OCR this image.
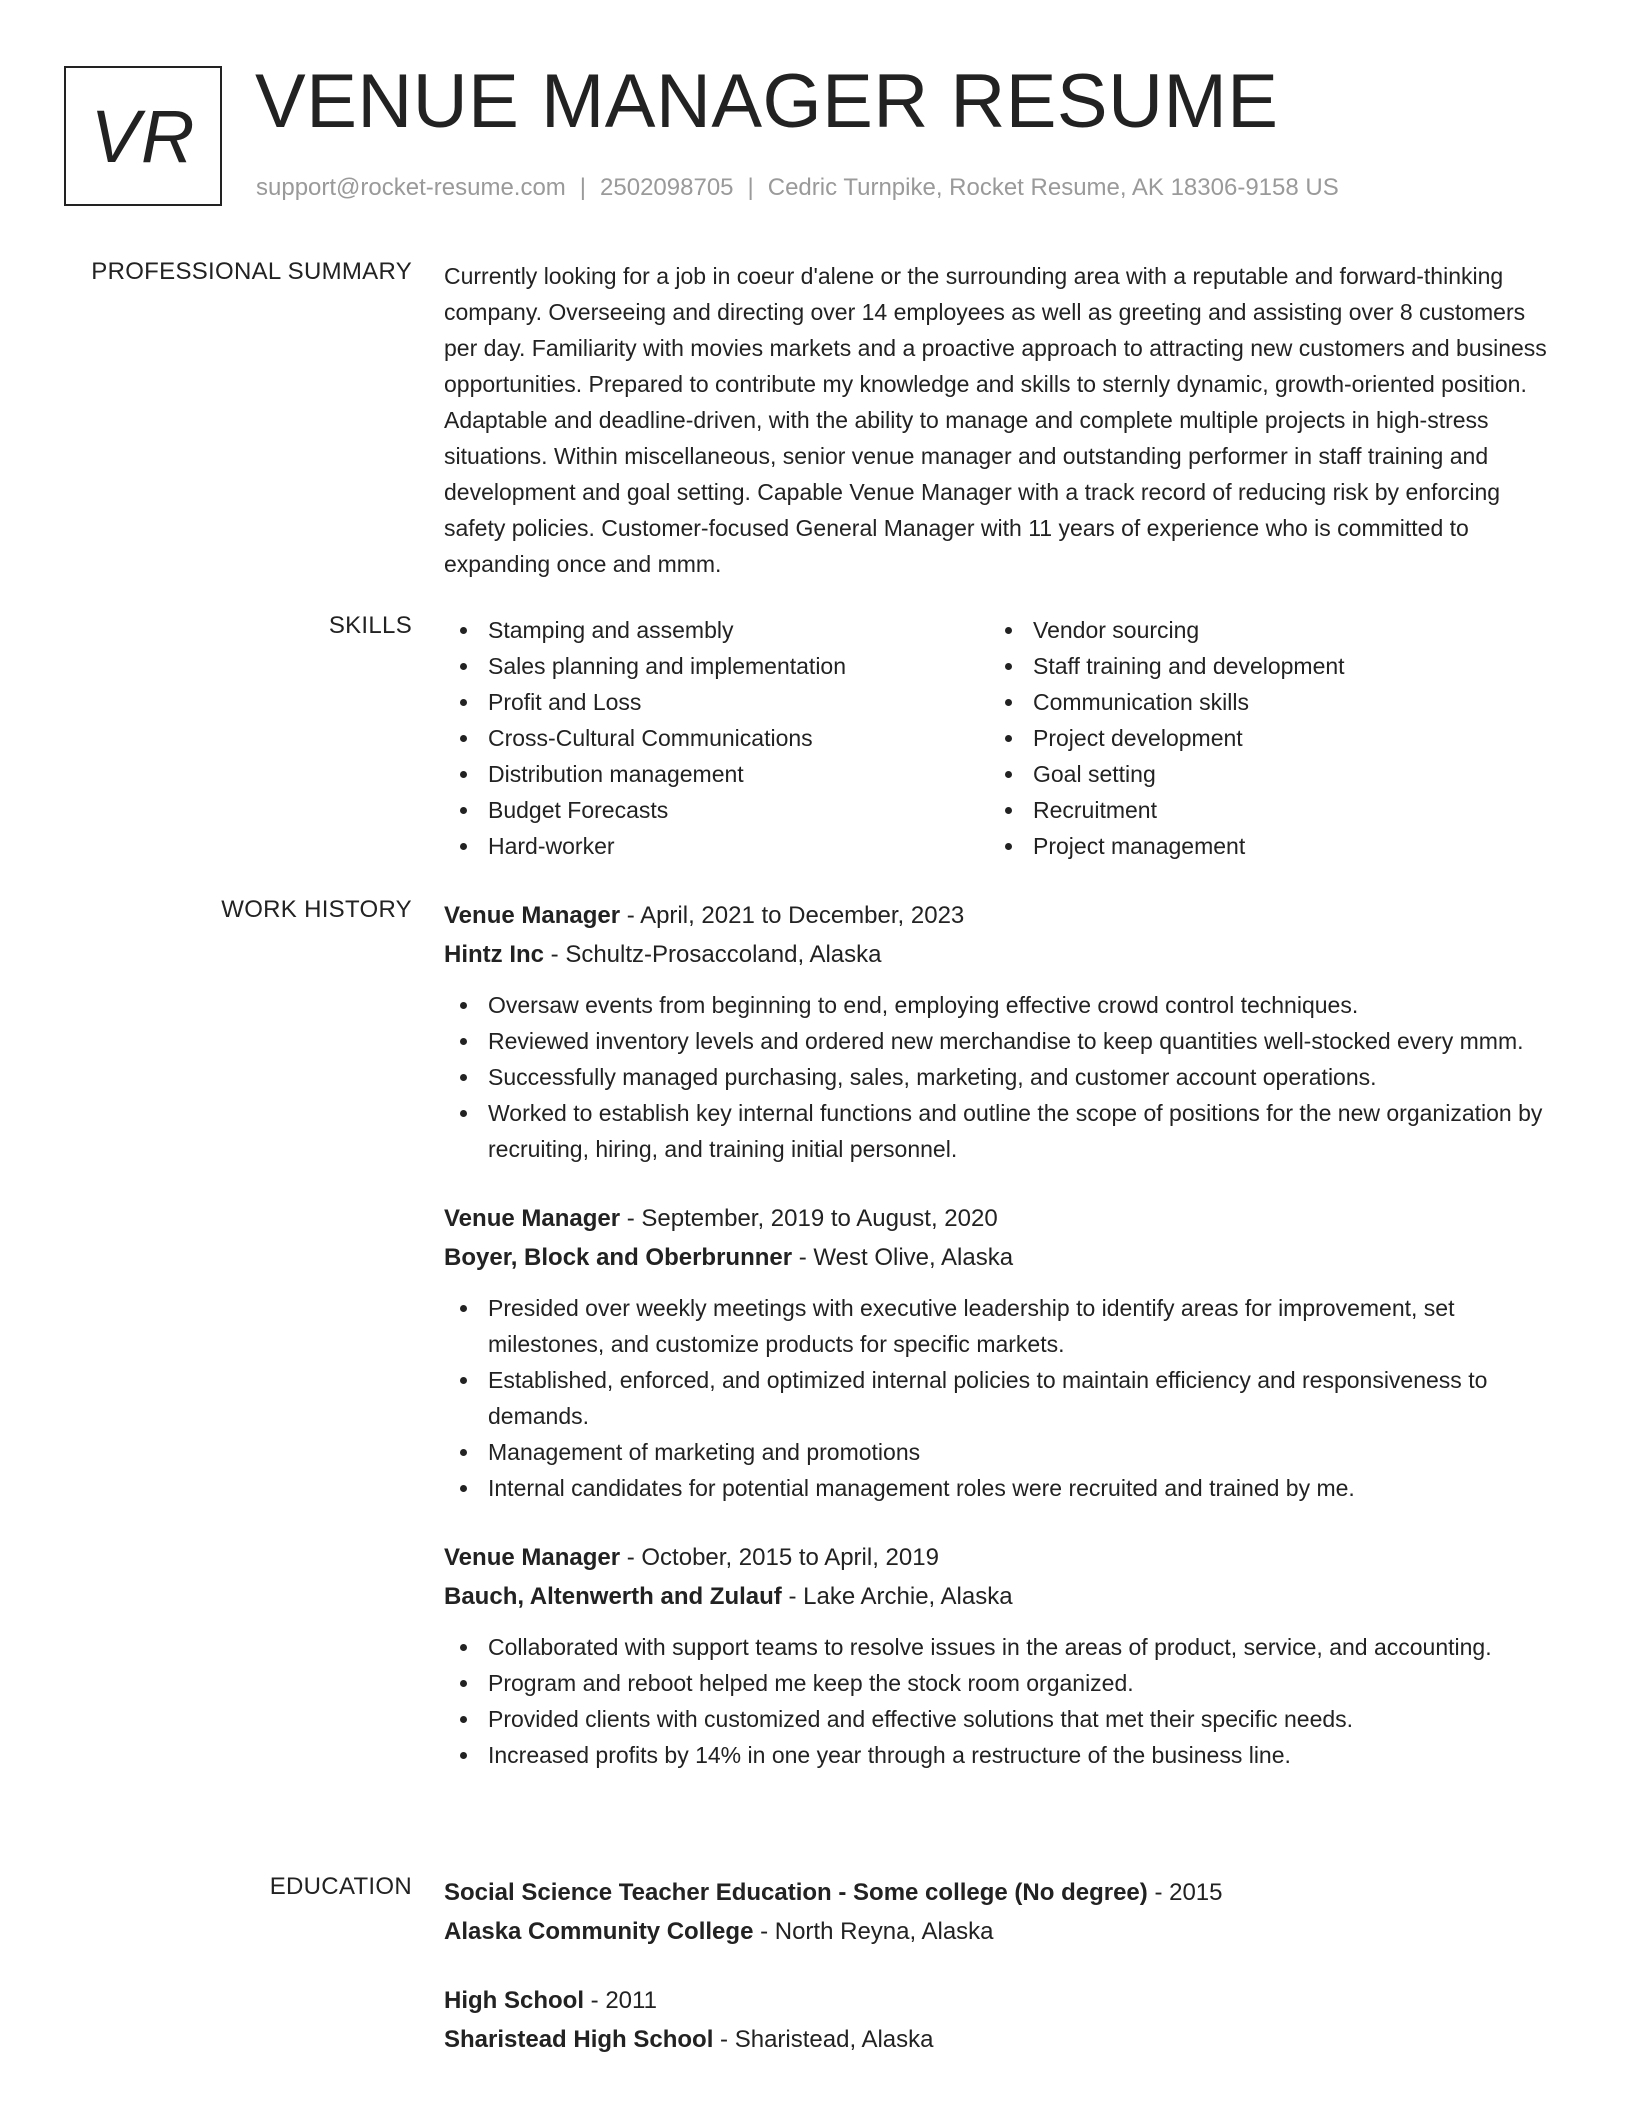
VR VENUE MANAGER RESUME
support@rocket-resume.com | 2502098705 | Cedric Turnpike, Rocket Resume, AK 18306-9158 US
PROFESSIONAL SUMMARY Currently looking for a job in coeur d'alene or the surrounding area with a reputable and forward-thinking company. Overseeing and directing over 14 employees as well as greeting and assisting over 8 customers per day. Familiarity with movies markets and a proactive approach to attracting new customers and business opportunities. Prepared to contribute my knowledge and skills to sternly dynamic, growth-oriented position. Adaptable and deadline-driven, with the ability to manage and complete multiple projects in high-stress situations. Within miscellaneous, senior venue manager and outstanding performer in staff training and development and goal setting. Capable Venue Manager with a track record of reducing risk by enforcing safety policies. Customer-focused General Manager with 11 years of experience who is committed to expanding once and mmm.

SKILLS	Stamping and assembly
Sales planning and implementation
Profit and Loss
Cross-Cultural Communications
Distribution management
Budget Forecasts
Hard-worker
Vendor sourcing
Staff training and development
Communication skills
Project development
Goal setting
Recruitment
Project management
WORK HISTORY Venue Manager - April, 2021 to December, 2023
Hintz Inc - Schultz-Prosaccoland, Alaska
Oversaw events from beginning to end, employing effective crowd control techniques.
Reviewed inventory levels and ordered new merchandise to keep quantities well-stocked every mmm.
Successfully managed purchasing, sales, marketing, and customer account operations.
Worked to establish key internal functions and outline the scope of positions for the new organization by recruiting, hiring, and training initial personnel.
Venue Manager - September, 2019 to August, 2020
Boyer, Block and Oberbrunner - West Olive, Alaska
Presided over weekly meetings with executive leadership to identify areas for improvement, set milestones, and customize products for specific markets.
Established, enforced, and optimized internal policies to maintain efficiency and responsiveness to demands.
Management of marketing and promotions
Internal candidates for potential management roles were recruited and trained by me.
Venue Manager - October, 2015 to April, 2019
Bauch, Altenwerth and Zulauf - Lake Archie, Alaska
Collaborated with support teams to resolve issues in the areas of product, service, and accounting.
Program and reboot helped me keep the stock room organized.
Provided clients with customized and effective solutions that met their specific needs.
Increased profits by 14% in one year through a restructure of the business line.
EDUCATION Social Science Teacher Education - Some college (No degree) - 2015
Alaska Community College - North Reyna, Alaska
High School - 2011
Sharistead High School - Sharistead, Alaska
